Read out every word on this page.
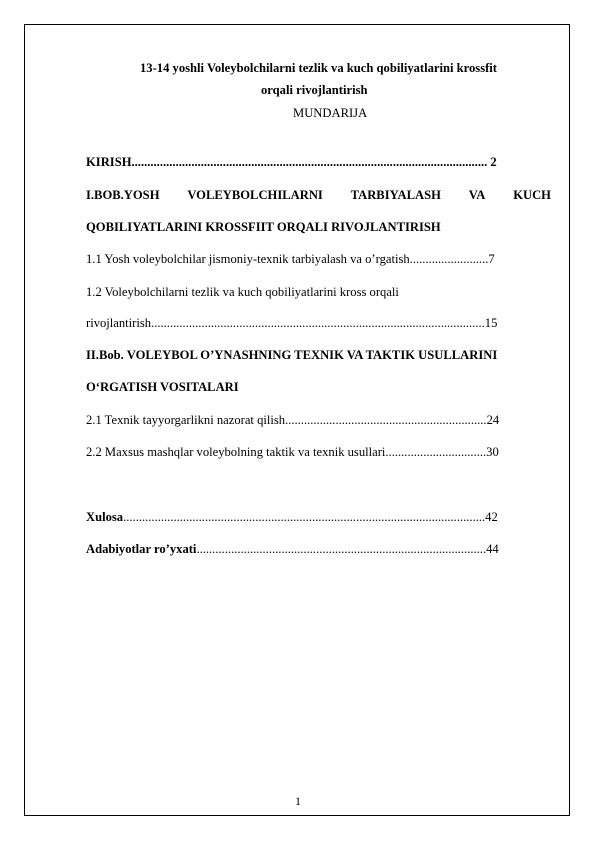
13-14 yoshli Voleybolchilarni tezlik va kuch qobiliyatlarini krossfit
orqali rivojlantirish
MUNDARIJA
KIRISH................................................................................................................. 2
I.BOB.YOSH VOLEYBOLCHILARNI TARBIYALASH VA KUCH
QOBILIYATLARINI KROSSFIIT ORQALI RIVOJLANTIRISH
1.1 Yosh voleybolchilar jismoniy-texnik tarbiyalash va o’rgatish.........................7
1.2 Voleybolchilarni tezlik va kuch qobiliyatlarini kross orqali
rivojlantirish..........................................................................................................15
II.Bob. VOLEYBOL O’YNASHNING TEXNIK VA TAKTIK USULLARINI
O‘RGATISH VOSITALARI
2.1 Texnik tayyorgarlikni nazorat qilish................................................................24
2.2 Maxsus mashqlar voleybolning taktik va texnik usullari................................30
Xulosa...................................................................................................................42
Adabiyotlar ro’yxati............................................................................................44
1
